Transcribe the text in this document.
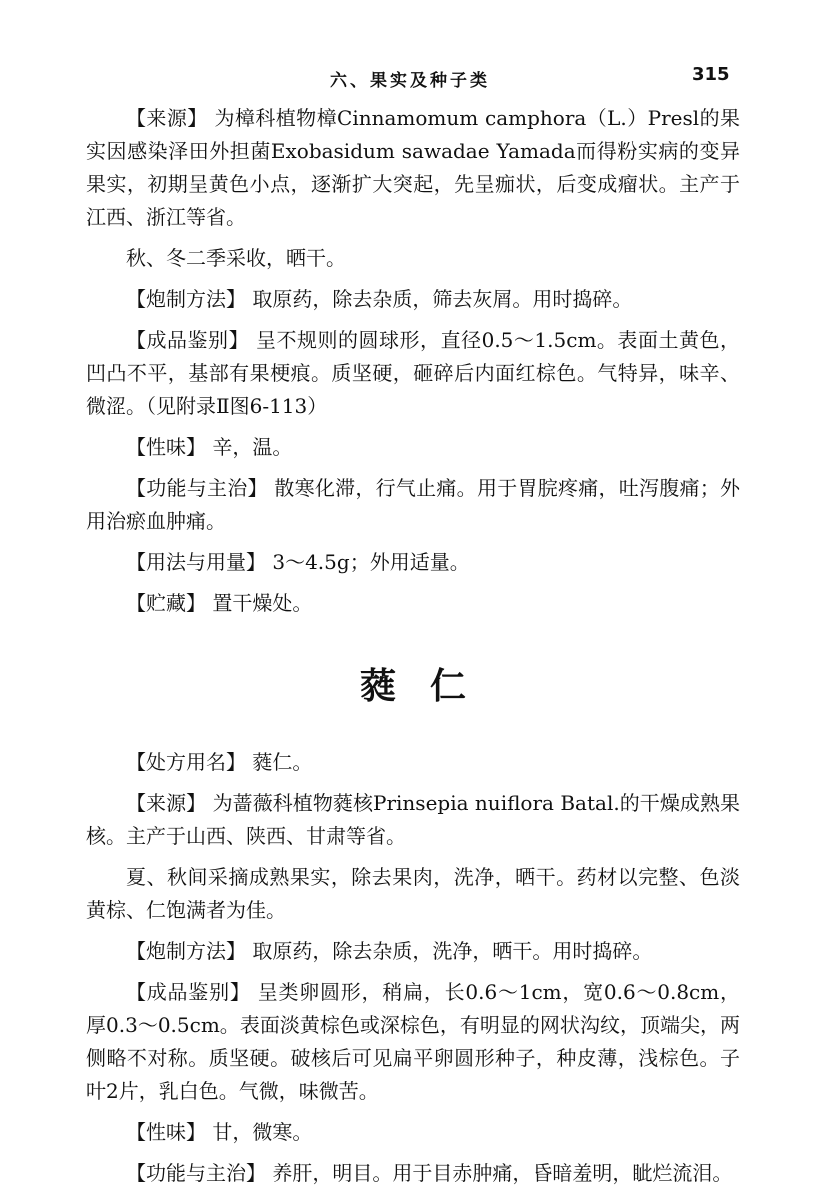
六、果实及种子类	315

【来源】 为樟科植物樟Cinnamomum camphora（L.）Presl的果实因感染泽田外担菌Exobasidum sawadae Yamada而得粉实病的变异果实，初期呈黄色小点，逐渐扩大突起，先呈痂状，后变成瘤状。主产于江西、浙江等省。

秋、冬二季采收，晒干。

【炮制方法】 取原药，除去杂质，筛去灰屑。用时捣碎。

【成品鉴别】 呈不规则的圆球形，直径0.5～1.5cm。表面土黄色，凹凸不平，基部有果梗痕。质坚硬，砸碎后内面红棕色。气特异，味辛、微涩。（见附录Ⅱ图6-113）

【性味】 辛，温。

【功能与主治】 散寒化滞，行气止痛。用于胃脘疼痛，吐泻腹痛；外用治瘀血肿痛。

【用法与用量】 3～4.5g；外用适量。

【贮藏】 置干燥处。

蕤仁

【处方用名】 蕤仁。

【来源】 为蔷薇科植物蕤核Prinsepia nuiflora Batal.的干燥成熟果核。主产于山西、陕西、甘肃等省。

夏、秋间采摘成熟果实，除去果肉，洗净，晒干。药材以完整、色淡黄棕、仁饱满者为佳。

【炮制方法】 取原药，除去杂质，洗净，晒干。用时捣碎。

【成品鉴别】 呈类卵圆形，稍扁，长0.6～1cm，宽0.6～0.8cm，厚0.3～0.5cm。表面淡黄棕色或深棕色，有明显的网状沟纹，顶端尖，两侧略不对称。质坚硬。破核后可见扁平卵圆形种子，种皮薄，浅棕色。子叶2片，乳白色。气微，味微苦。

【性味】 甘，微寒。

【功能与主治】 养肝，明目。用于目赤肿痛，昏暗羞明，眦烂流泪。
